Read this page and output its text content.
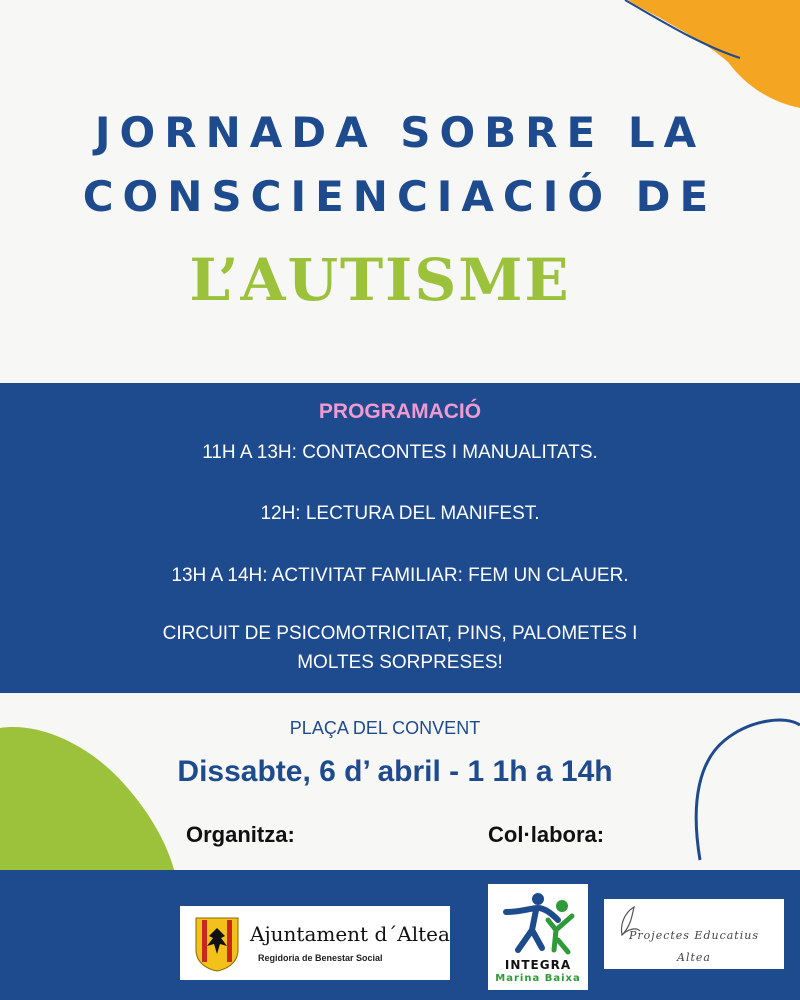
JORNADA SOBRE LA
CONSCIENCIACIÓ DE
L’AUTISME
PROGRAMACIÓ
11H A 13H: CONTACONTES I MANUALITATS.
12H: LECTURA DEL MANIFEST.
13H A 14H: ACTIVITAT FAMILIAR: FEM UN CLAUER.
CIRCUIT DE PSICOMOTRICITAT, PINS, PALOMETES I
MOLTES SORPRESES!
PLAÇA DEL CONVENT
Dissabte, 6 d’ abril - 1 1h a 14h
Organitza:	Col·labora:
Ajuntament d´Altea
Regidoria de Benestar Social	INTEGRA
Marina Baixa
Projectes Educatius
Altea
